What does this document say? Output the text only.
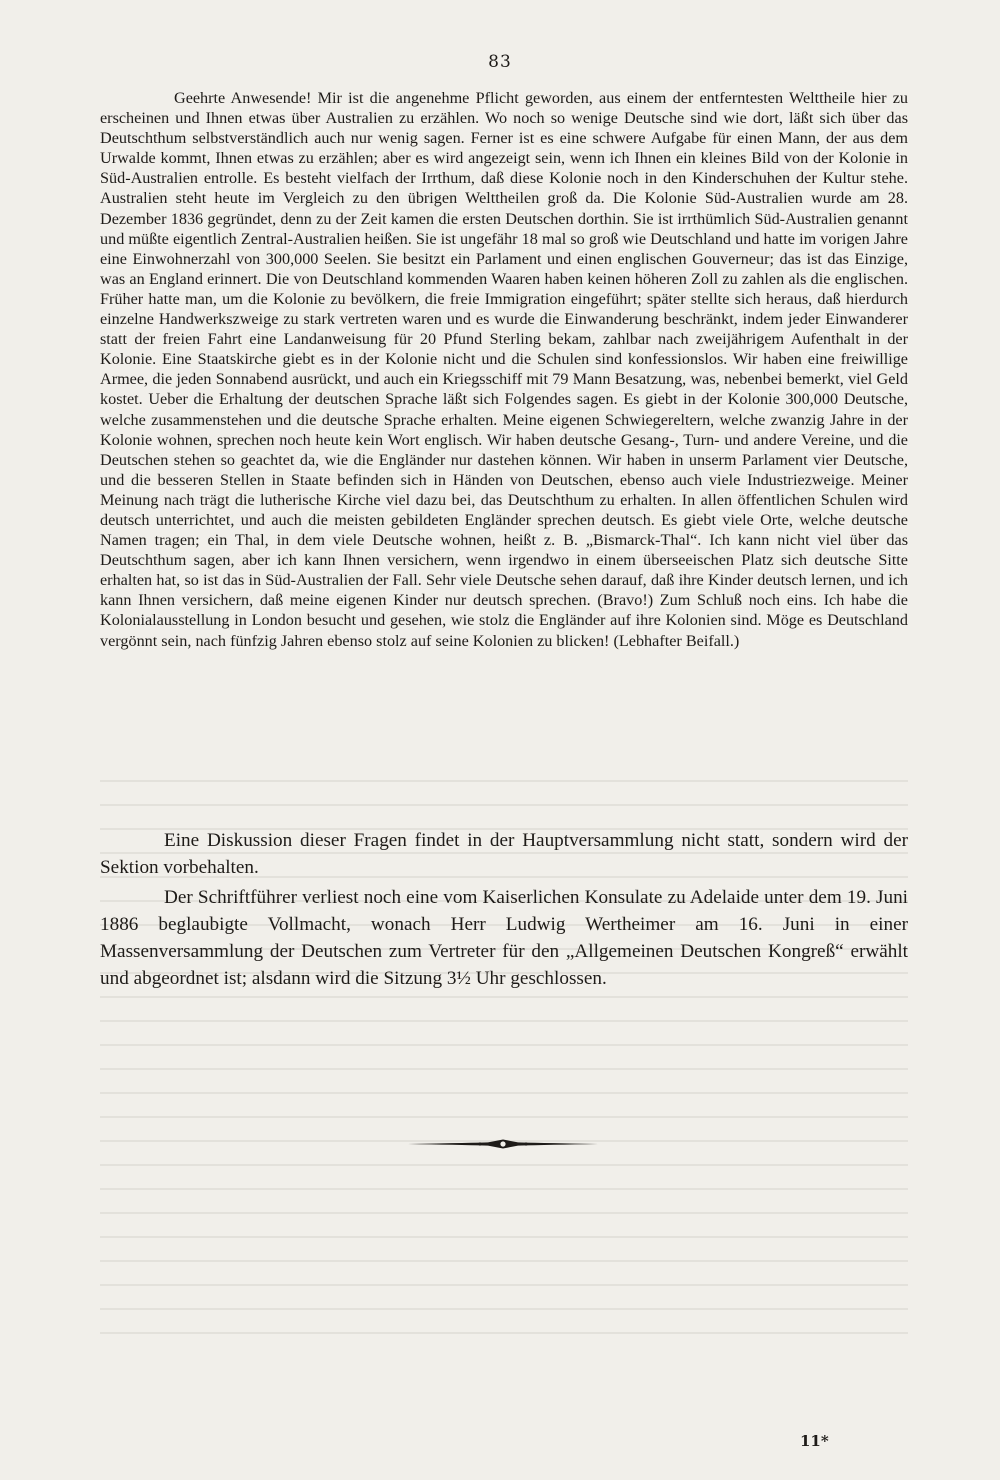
83

Geehrte Anwesende! Mir ist die angenehme Pflicht geworden, aus einem der entferntesten Welttheile hier zu erscheinen und Ihnen etwas über Australien zu erzählen. Wo noch so wenige Deutsche sind wie dort, läßt sich über das Deutschthum selbstverständlich auch nur wenig sagen. Ferner ist es eine schwere Aufgabe für einen Mann, der aus dem Urwalde kommt, Ihnen etwas zu erzählen; aber es wird angezeigt sein, wenn ich Ihnen ein kleines Bild von der Kolonie in Süd-Australien entrolle. Es besteht vielfach der Irrthum, daß diese Kolonie noch in den Kinderschuhen der Kultur stehe. Australien steht heute im Vergleich zu den übrigen Welttheilen groß da. Die Kolonie Süd-Australien wurde am 28. Dezember 1836 gegründet, denn zu der Zeit kamen die ersten Deutschen dorthin. Sie ist irrthümlich Süd-Australien genannt und müßte eigentlich Zentral-Australien heißen. Sie ist ungefähr 18 mal so groß wie Deutschland und hatte im vorigen Jahre eine Einwohnerzahl von 300,000 Seelen. Sie besitzt ein Parlament und einen englischen Gouverneur; das ist das Einzige, was an England erinnert. Die von Deutschland kommenden Waaren haben keinen höheren Zoll zu zahlen als die englischen. Früher hatte man, um die Kolonie zu bevölkern, die freie Immigration eingeführt; später stellte sich heraus, daß hierdurch einzelne Handwerkszweige zu stark vertreten waren und es wurde die Einwanderung beschränkt, indem jeder Einwanderer statt der freien Fahrt eine Landanweisung für 20 Pfund Sterling bekam, zahlbar nach zweijährigem Aufenthalt in der Kolonie. Eine Staatskirche giebt es in der Kolonie nicht und die Schulen sind konfessionslos. Wir haben eine freiwillige Armee, die jeden Sonnabend ausrückt, und auch ein Kriegsschiff mit 79 Mann Besatzung, was, nebenbei bemerkt, viel Geld kostet. Ueber die Erhaltung der deutschen Sprache läßt sich Folgendes sagen. Es giebt in der Kolonie 300,000 Deutsche, welche zusammenstehen und die deutsche Sprache erhalten. Meine eigenen Schwiegereltern, welche zwanzig Jahre in der Kolonie wohnen, sprechen noch heute kein Wort englisch. Wir haben deutsche Gesang-, Turn- und andere Vereine, und die Deutschen stehen so geachtet da, wie die Engländer nur dastehen können. Wir haben in unserm Parlament vier Deutsche, und die besseren Stellen in Staate befinden sich in Händen von Deutschen, ebenso auch viele Industriezweige. Meiner Meinung nach trägt die lutherische Kirche viel dazu bei, das Deutschthum zu erhalten. In allen öffentlichen Schulen wird deutsch unterrichtet, und auch die meisten gebildeten Engländer sprechen deutsch. Es giebt viele Orte, welche deutsche Namen tragen; ein Thal, in dem viele Deutsche wohnen, heißt z. B. „Bismarck-Thal“. Ich kann nicht viel über das Deutschthum sagen, aber ich kann Ihnen versichern, wenn irgendwo in einem überseeischen Platz sich deutsche Sitte erhalten hat, so ist das in Süd-Australien der Fall. Sehr viele Deutsche sehen darauf, daß ihre Kinder deutsch lernen, und ich kann Ihnen versichern, daß meine eigenen Kinder nur deutsch sprechen. (Bravo!) Zum Schluß noch eins. Ich habe die Kolonialausstellung in London besucht und gesehen, wie stolz die Engländer auf ihre Kolonien sind. Möge es Deutschland vergönnt sein, nach fünfzig Jahren ebenso stolz auf seine Kolonien zu blicken! (Lebhafter Beifall.)

Eine Diskussion dieser Fragen findet in der Hauptversammlung nicht statt, sondern wird der Sektion vorbehalten.

Der Schriftführer verliest noch eine vom Kaiserlichen Konsulate zu Adelaide unter dem 19. Juni 1886 beglaubigte Vollmacht, wonach Herr Ludwig Wertheimer am 16. Juni in einer Massenversammlung der Deutschen zum Vertreter für den „Allgemeinen Deutschen Kongreß“ erwählt und abgeordnet ist; alsdann wird die Sitzung 3½ Uhr geschlossen.

11*
